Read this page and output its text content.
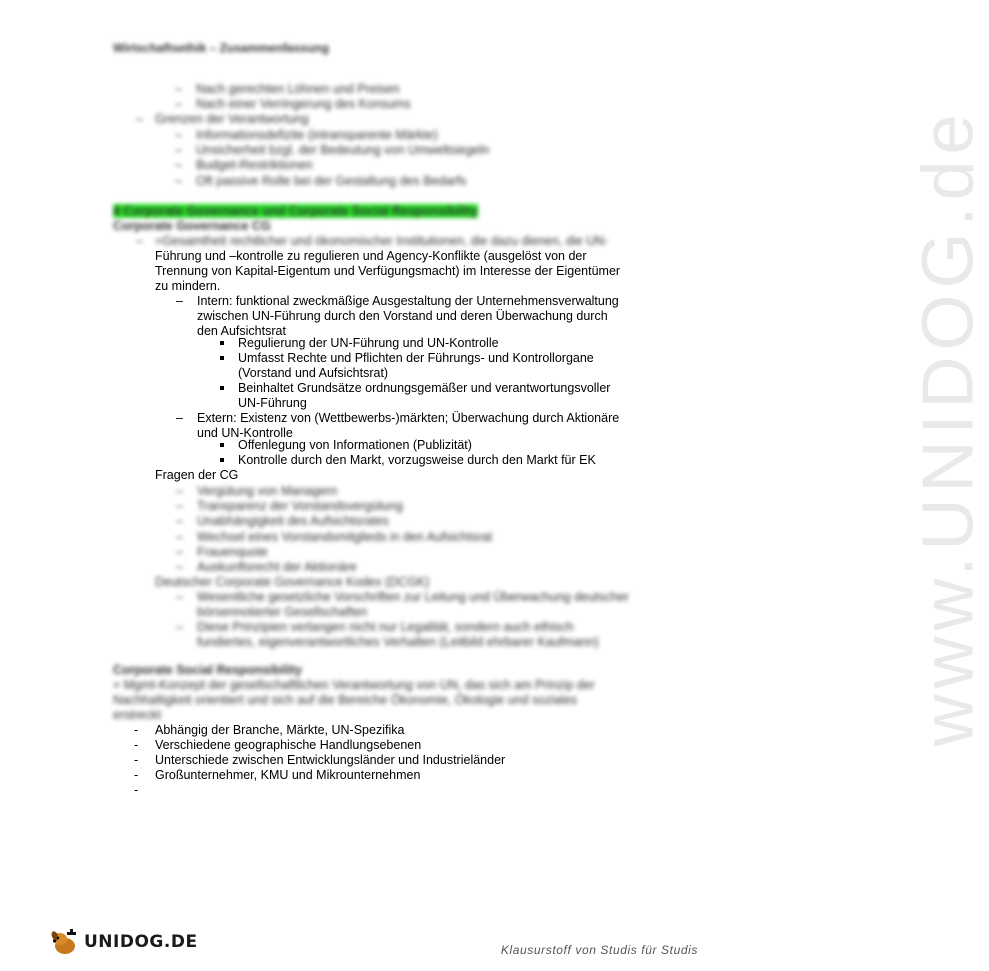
www.UNIDOG.de
Wirtschaftsethik – Zusammenfassung
– Nach gerechten Löhnen und Preisen
– Nach einer Verringerung des Konsums
– Grenzen der Verantwortung
– Informationsdefizite (intransparente Märkte)
– Unsicherheit bzgl. der Bedeutung von Umweltsiegeln
– Budget-Restriktionen
– Oft passive Rolle bei der Gestaltung des Bedarfs
4 Corporate Governance und Corporate Social Responsibility
Corporate Governance CG
– =Gesamtheit rechtlicher und ökonomischer Institutionen, die dazu dienen, die UN-
Führung und –kontrolle zu regulieren und Agency-Konflikte (ausgelöst von der
Trennung von Kapital-Eigentum und Verfügungsmacht) im Interesse der Eigentümer
zu mindern.
– Intern: funktional zweckmäßige Ausgestaltung der Unternehmensverwaltung
zwischen UN-Führung durch den Vorstand und deren Überwachung durch
den Aufsichtsrat
Regulierung der UN-Führung und UN-Kontrolle
Umfasst Rechte und Pflichten der Führungs- und Kontrollorgane
(Vorstand und Aufsichtsrat)
Beinhaltet Grundsätze ordnungsgemäßer und verantwortungsvoller
UN-Führung
– Extern: Existenz von (Wettbewerbs-)märkten; Überwachung durch Aktionäre
und UN-Kontrolle
Offenlegung von Informationen (Publizität)
Kontrolle durch den Markt, vorzugsweise durch den Markt für EK
Fragen der CG
– Vergütung von Managern
– Transparenz der Vorstandsvergütung
– Unabhängigkeit des Aufsichtsrates
– Wechsel eines Vorstandsmitglieds in den Aufsichtsrat
– Frauenquote
– Auskunftsrecht der Aktionäre
Deutscher Corporate Governance Kodex (DCGK)
– Wesentliche gesetzliche Vorschriften zur Leitung und Überwachung deutscher
börsennotierter Gesellschaften
– Diese Prinzipien verlangen nicht nur Legalität, sondern auch ethisch
fundiertes, eigenverantwortliches Verhalten (Leitbild ehrbarer Kaufmann)
Corporate Social Responsibility
= Mgmt-Konzept der gesellschaftlichen Verantwortung von UN, das sich am Prinzip der
Nachhaltigkeit orientiert und sich auf die Bereiche Ökonomie, Ökologie und soziales
erstreckt
- Abhängig der Branche, Märkte, UN-Spezifika
- Verschiedene geographische Handlungsebenen
- Unterschiede zwischen Entwicklungsländer und Industrieländer
- Großunternehmer, KMU und Mikrounternehmen
-
UNIDOG.DE	Klausurstoff von Studis für Studis
